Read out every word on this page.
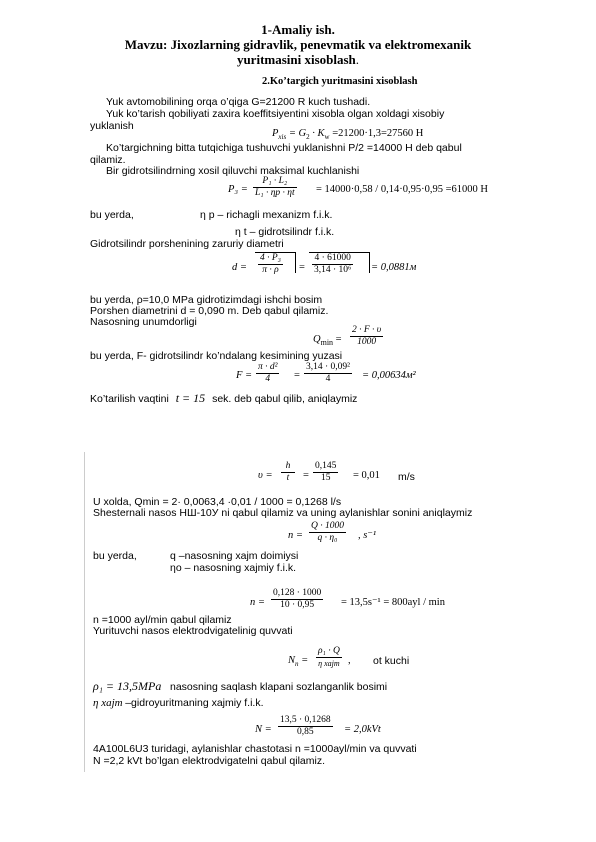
1-Amaliy ish.
Mavzu: Jixozlarning gidravlik, penevmatik va elektromexanik
yuritmasini xisoblash.
2.Ko’targich yuritmasini xisoblash
Yuk avtomobilining orqa o’qiga G=21200 R kuch tushadi.
Yuk ko’tarish qobiliyati zaxira koeffitsiyentini xisobla olgan xoldagi xisobiy
yuklanish
$P_{xis} = G_2 \cdot K_w =21200\cdot 1,3=27560$ H
Ko’targichning bitta tutqichiga tushuvchi yuklanishni P/2 =14000 H deb qabul
qilamiz.
Bir gidrotsilindrning xosil qiluvchi maksimal kuchlanishi
$P_3 = \frac{\text{P₁ · L₂}}{\text{L₁ · ηp · ηt}} = 14000\cdot 0,58 / 0,14\cdot 0,95\cdot 0,95 =61000$ H
bu yerda,	η p – richagli mexanizm f.i.k.
η t – gidrotsilindr f.i.k.
Gidrotsilindr porshenining zaruriy diametri
$d = \frac{\text{4 · P₃}}{\pi \cdot \rho} = \frac{4 \cdot 61000}{\text{3,14 · 10⁶}} = 0,0881м$
bu yerda, ρ=10,0 MPa gidrotizimdagi ishchi bosim
Porshen diametrini d = 0,090 m. Deb qabul qilamiz.
Nasosning unumdorligi
$Q_{min} = \frac{2 \cdot F \cdot \upsilon}{1000}$
bu yerda, F- gidrotsilindr ko’ndalang kesimining yuzasi
$F = \frac{\text{π · d²}}{4} = \frac{\text{3,14 · 0,09²}}{4} = 0,00634м^2$
Ko’tarilish vaqtini t = 15 sek. deb qabul qilib, aniqlaymiz
$\upsilon = \frac{h}{t} = \frac{0,145}{15} = 0,01$ m/s
U xolda, Qmin = 2· 0,0063,4 ·0,01 / 1000 = 0,1268 l/s
Shesternali nasos НШ-10У ni qabul qilamiz va uning aylanishlar sonini aniqlaymiz
$n = \frac{Q \cdot 1000}{\text{q · η₀}}$ , s⁻¹
bu yerda,	q –nasosning xajm doimiysi
ηo – nasosning xajmiy f.i.k.
$n = \frac{0,128 \cdot 1000}{10 \cdot 0,95} = 13,5s^{-1} = 800ayl / \min$
n =1000 ayl/min qabul qilamiz
Yurituvchi nasos elektrodvigatelinig quvvati
$N_n$ =
ρ₁ · Q
η xajm , ot kuchi
ρ₁ = 13,5MPa nasosning saqlash klapani sozlanganlik bosimi
η xajm –gidroyuritmaning xajmiy f.i.k.
$N = \frac{13,5 \cdot 0,1268}{0,85} = 2,0kVt$
4A100L6U3 turidagi, aylanishlar chastotasi n =1000ayl/min va quvvati
N =2,2 kVt bo’lgan elektrodvigatelni qabul qilamiz.
